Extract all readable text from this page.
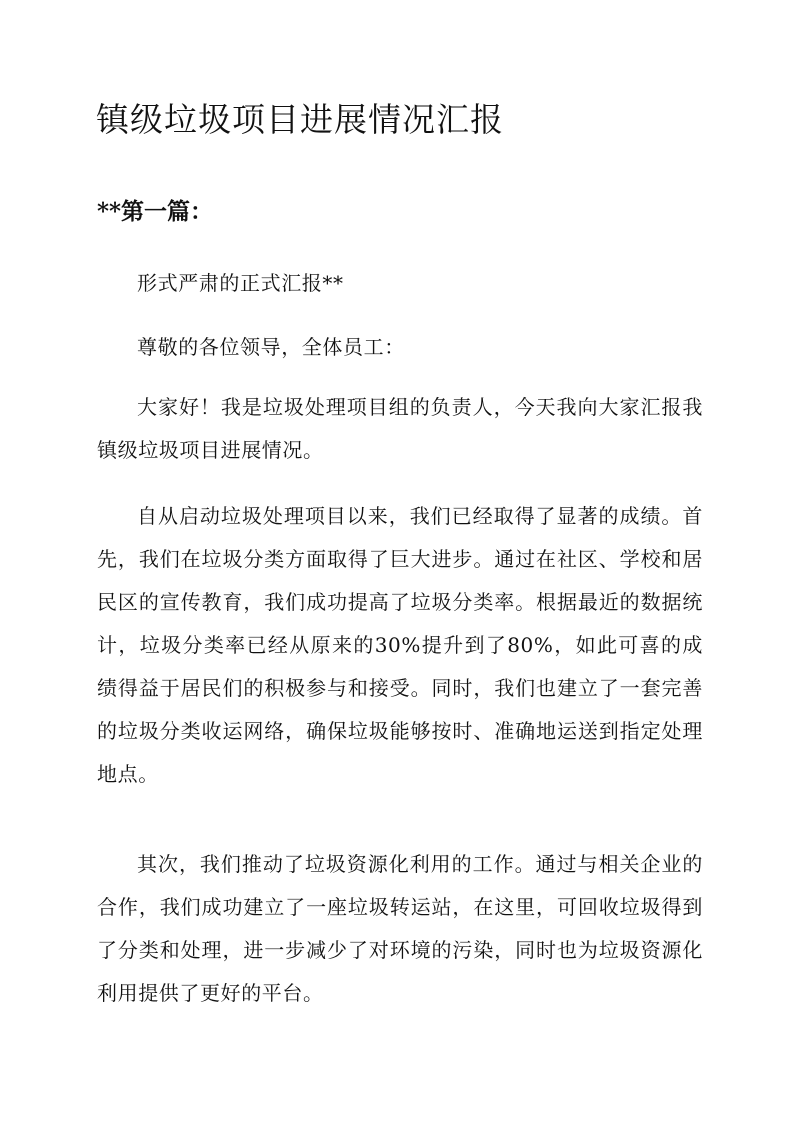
镇级垃圾项目进展情况汇报
**第一篇：

形式严肃的正式汇报**

尊敬的各位领导，全体员工：

大家好！我是垃圾处理项目组的负责人，今天我向大家汇报我镇级垃圾项目进展情况。

自从启动垃圾处理项目以来，我们已经取得了显著的成绩。首先，我们在垃圾分类方面取得了巨大进步。通过在社区、学校和居民区的宣传教育，我们成功提高了垃圾分类率。根据最近的数据统计，垃圾分类率已经从原来的30%提升到了80%，如此可喜的成绩得益于居民们的积极参与和接受。同时，我们也建立了一套完善的垃圾分类收运网络，确保垃圾能够按时、准确地运送到指定处理地点。

其次，我们推动了垃圾资源化利用的工作。通过与相关企业的合作，我们成功建立了一座垃圾转运站，在这里，可回收垃圾得到了分类和处理，进一步减少了对环境的污染，同时也为垃圾资源化利用提供了更好的平台。
